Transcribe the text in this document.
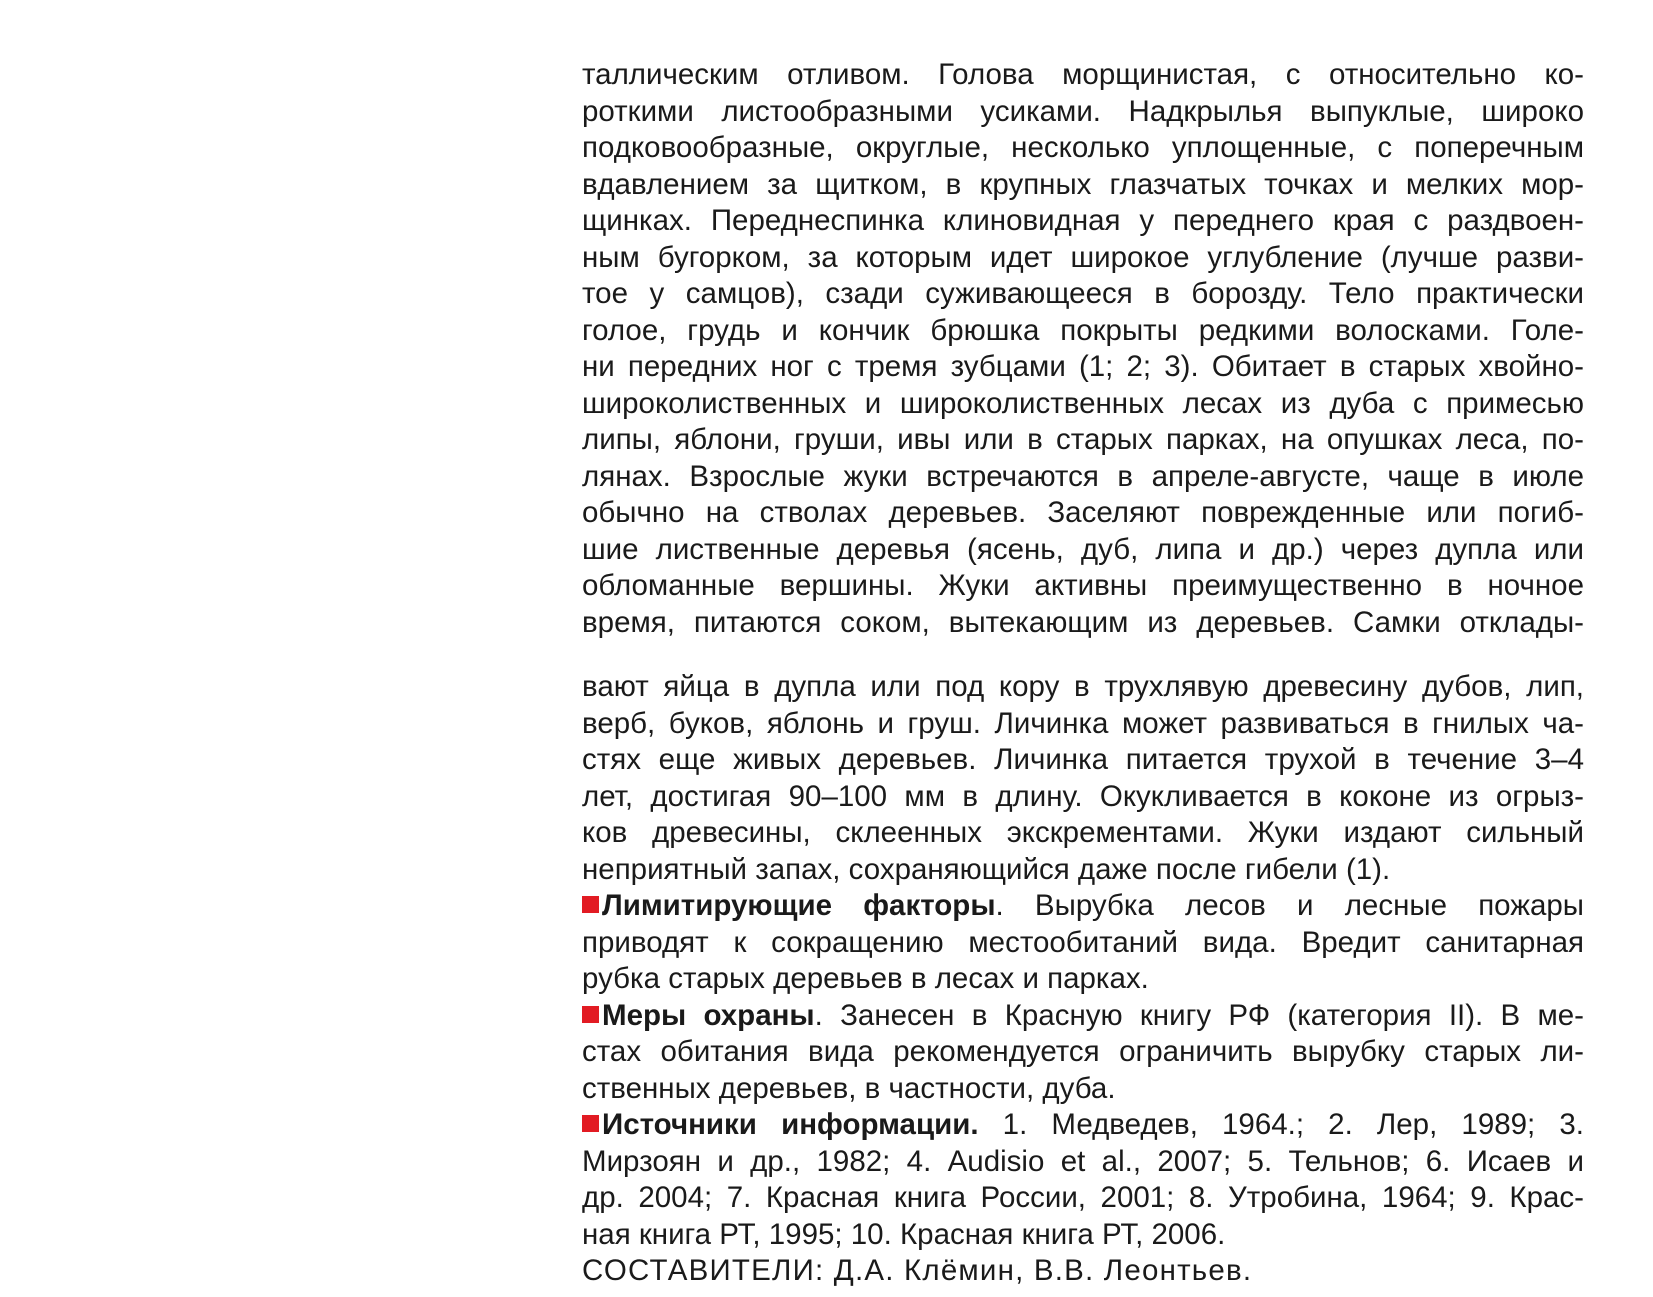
таллическим отливом. Голова морщинистая, с относительно ко-
роткими листообразными усиками. Надкрылья выпуклые, широко
подковообразные, округлые, несколько уплощенные, с поперечным
вдавлением за щитком, в крупных глазчатых точках и мелких мор-
щинках. Переднеспинка клиновидная у переднего края с раздвоен-
ным бугорком, за которым идет широкое углубление (лучше разви-
тое у самцов), сзади суживающееся в борозду. Тело практически
голое, грудь и кончик брюшка покрыты редкими волосками. Голе-
ни передних ног с тремя зубцами (1; 2; 3). Обитает в старых хвойно-
широколиственных и широколиственных лесах из дуба с примесью
липы, яблони, груши, ивы или в старых парках, на опушках леса, по-
лянах. Взрослые жуки встречаются в апреле-августе, чаще в июле
обычно на стволах деревьев. Заселяют поврежденные или погиб-
шие лиственные деревья (ясень, дуб, липа и др.) через дупла или
обломанные вершины. Жуки активны преимущественно в ночное
время, питаются соком, вытекающим из деревьев. Самки отклады-
вают яйца в дупла или под кору в трухлявую древесину дубов, лип,
верб, буков, яблонь и груш. Личинка может развиваться в гнилых ча-
стях еще живых деревьев. Личинка питается трухой в течение 3–4
лет, достигая 90–100 мм в длину. Окукливается в коконе из огрыз-
ков древесины, склеенных экскрементами. Жуки издают сильный
неприятный запах, сохраняющийся даже после гибели (1).
Лимитирующие факторы. Вырубка лесов и лесные пожары
приводят к сокращению местообитаний вида. Вредит санитарная
рубка старых деревьев в лесах и парках.
Меры охраны. Занесен в Красную книгу РФ (категория II). В ме-
стах обитания вида рекомендуется ограничить вырубку старых ли-
ственных деревьев, в частности, дуба.
Источники информации. 1. Медведев, 1964.; 2. Лер, 1989; 3.
Мирзоян и др., 1982; 4. Audisio et al., 2007; 5. Тельнов; 6. Исаев и
др. 2004; 7. Красная книга России, 2001; 8. Утробина, 1964; 9. Крас-
ная книга РТ, 1995; 10. Красная книга РТ, 2006.
СОСТАВИТЕЛИ: Д.А. Клёмин, В.В. Леонтьев.
